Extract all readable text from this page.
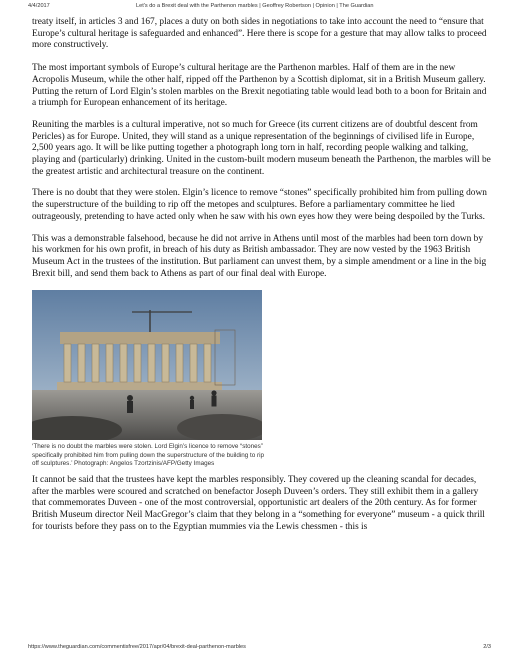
4/4/2017	Let's do a Brexit deal with the Parthenon marbles | Geoffrey Robertson | Opinion | The Guardian

treaty itself, in articles 3 and 167, places a duty on both sides in negotiations to take into account the need to “ensure that Europe’s cultural heritage is safeguarded and enhanced”. Here there is scope for a gesture that may allow talks to proceed more constructively.

The most important symbols of Europe’s cultural heritage are the Parthenon marbles. Half of them are in the new Acropolis Museum, while the other half, ripped off the Parthenon by a Scottish diplomat, sit in a British Museum gallery. Putting the return of Lord Elgin’s stolen marbles on the Brexit negotiating table would lead both to a boon for Britain and a triumph for European enhancement of its heritage.

Reuniting the marbles is a cultural imperative, not so much for Greece (its current citizens are of doubtful descent from Pericles) as for Europe. United, they will stand as a unique representation of the beginnings of civilised life in Europe, 2,500 years ago. It will be like putting together a photograph long torn in half, recording people walking and talking, playing and (particularly) drinking. United in the custom-built modern museum beneath the Parthenon, the marbles will be the greatest artistic and architectural treasure on the continent.

There is no doubt that they were stolen. Elgin’s licence to remove “stones” specifically prohibited him from pulling down the superstructure of the building to rip off the metopes and sculptures. Before a parliamentary committee he lied outrageously, pretending to have acted only when he saw with his own eyes how they were being despoiled by the Turks.

This was a demonstrable falsehood, because he did not arrive in Athens until most of the marbles had been torn down by his workmen for his own profit, in breach of his duty as British ambassador. They are now vested by the 1963 British Museum Act in the trustees of the institution. But parliament can unvest them, by a simple amendment or a line in the big Brexit bill, and send them back to Athens as part of our final deal with Europe.

‘There is no doubt the marbles were stolen. Lord Elgin’s licence to remove “stones” specifically prohibited him from pulling down the superstructure of the building to rip off sculptures.’ Photograph: Angelos Tzortzinis/AFP/Getty Images

It cannot be said that the trustees have kept the marbles responsibly. They covered up the cleaning scandal for decades, after the marbles were scoured and scratched on benefactor Joseph Duveen’s orders. They still exhibit them in a gallery that commemorates Duveen - one of the most controversial, opportunistic art dealers of the 20th century. As for former British Museum director Neil MacGregor’s claim that they belong in a “something for everyone” museum - a quick thrill for tourists before they pass on to the Egyptian mummies via the Lewis chessmen - this is

https://www.theguardian.com/commentisfree/2017/apr/04/brexit-deal-parthenon-marbles	2/3
